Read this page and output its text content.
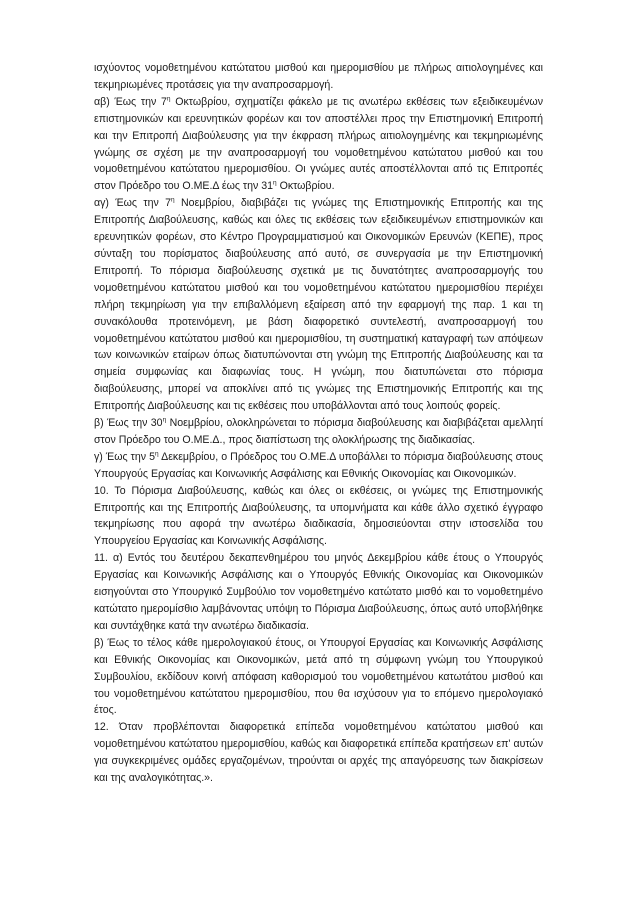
ισχύοντος νομοθετημένου κατώτατου μισθού και ημερομισθίου με πλήρως αιτιολογημένες και τεκμηριωμένες προτάσεις για την αναπροσαρμογή.

αβ) Έως την $7^\eta$ Οκτωβρίου, σχηματίζει φάκελο με τις ανωτέρω εκθέσεις των εξειδικευμένων επιστημονικών και ερευνητικών φορέων και τον αποστέλλει προς την Επιστημονική Επιτροπή και την Επιτροπή Διαβούλευσης για την έκφραση πλήρως αιτιολογημένης και τεκμηριωμένης γνώμης σε σχέση με την αναπροσαρμογή του νομοθετημένου κατώτατου μισθού και του νομοθετημένου κατώτατου ημερομισθίου. Οι γνώμες αυτές αποστέλλονται από τις Επιτροπές στον Πρόεδρο του Ο.ΜΕ.Δ έως την $31^\eta$ Οκτωβρίου.

αγ) Έως την $7^\eta$ Νοεμβρίου, διαβιβάζει τις γνώμες της Επιστημονικής Επιτροπής και της Επιτροπής Διαβούλευσης, καθώς και όλες τις εκθέσεις των εξειδικευμένων επιστημονικών και ερευνητικών φορέων, στο Κέντρο Προγραμματισμού και Οικονομικών Ερευνών (ΚΕΠΕ), προς σύνταξη του πορίσματος διαβούλευσης από αυτό, σε συνεργασία με την Επιστημονική Επιτροπή. Το πόρισμα διαβούλευσης σχετικά με τις δυνατότητες αναπροσαρμογής του νομοθετημένου κατώτατου μισθού και του νομοθετημένου κατώτατου ημερομισθίου περιέχει πλήρη τεκμηρίωση για την επιβαλλόμενη εξαίρεση από την εφαρμογή της παρ. 1 και τη συνακόλουθα προτεινόμενη, με βάση διαφορετικό συντελεστή, αναπροσαρμογή του νομοθετημένου κατώτατου μισθού και ημερομισθίου, τη συστηματική καταγραφή των απόψεων των κοινωνικών εταίρων όπως διατυπώνονται στη γνώμη της Επιτροπής Διαβούλευσης και τα σημεία συμφωνίας και διαφωνίας τους. Η γνώμη, που διατυπώνεται στο πόρισμα διαβούλευσης, μπορεί να αποκλίνει από τις γνώμες της Επιστημονικής Επιτροπής και της Επιτροπής Διαβούλευσης και τις εκθέσεις που υποβάλλονται από τους λοιπούς φορείς.

β) Έως την $30^\eta$ Νοεμβρίου, ολοκληρώνεται το πόρισμα διαβούλευσης και διαβιβάζεται αμελλητί στον Πρόεδρο του Ο.ΜΕ.Δ., προς διαπίστωση της ολοκλήρωσης της διαδικασίας.

γ) Έως την $5^\eta$ Δεκεμβρίου, ο Πρόεδρος του Ο.ΜΕ.Δ υποβάλλει το πόρισμα διαβούλευσης στους Υπουργούς Εργασίας και Κοινωνικής Ασφάλισης και Εθνικής Οικονομίας και Οικονομικών.

10. Το Πόρισμα Διαβούλευσης, καθώς και όλες οι εκθέσεις, οι γνώμες της Επιστημονικής Επιτροπής και της Επιτροπής Διαβούλευσης, τα υπομνήματα και κάθε άλλο σχετικό έγγραφο τεκμηρίωσης που αφορά την ανωτέρω διαδικασία, δημοσιεύονται στην ιστοσελίδα του Υπουργείου Εργασίας και Κοινωνικής Ασφάλισης.

11. α) Εντός του δευτέρου δεκαπενθημέρου του μηνός Δεκεμβρίου κάθε έτους ο Υπουργός Εργασίας και Κοινωνικής Ασφάλισης και ο Υπουργός Εθνικής Οικονομίας και Οικονομικών εισηγούνται στο Υπουργικό Συμβούλιο τον νομοθετημένο κατώτατο μισθό και το νομοθετημένο κατώτατο ημερομίσθιο λαμβάνοντας υπόψη το Πόρισμα Διαβούλευσης, όπως αυτό υποβλήθηκε και συντάχθηκε κατά την ανωτέρω διαδικασία.

β) Έως το τέλος κάθε ημερολογιακού έτους, οι Υπουργοί Εργασίας και Κοινωνικής Ασφάλισης και Εθνικής Οικονομίας και Οικονομικών, μετά από τη σύμφωνη γνώμη του Υπουργικού Συμβουλίου, εκδίδουν κοινή απόφαση καθορισμού του νομοθετημένου κατωτάτου μισθού και του νομοθετημένου κατώτατου ημερομισθίου, που θα ισχύσουν για το επόμενο ημερολογιακό έτος.

12. Όταν προβλέπονται διαφορετικά επίπεδα νομοθετημένου κατώτατου μισθού και νομοθετημένου κατώτατου ημερομισθίου, καθώς και διαφορετικά επίπεδα κρατήσεων επ' αυτών για συγκεκριμένες ομάδες εργαζομένων, τηρούνται οι αρχές της απαγόρευσης των διακρίσεων και της αναλογικότητας.».
